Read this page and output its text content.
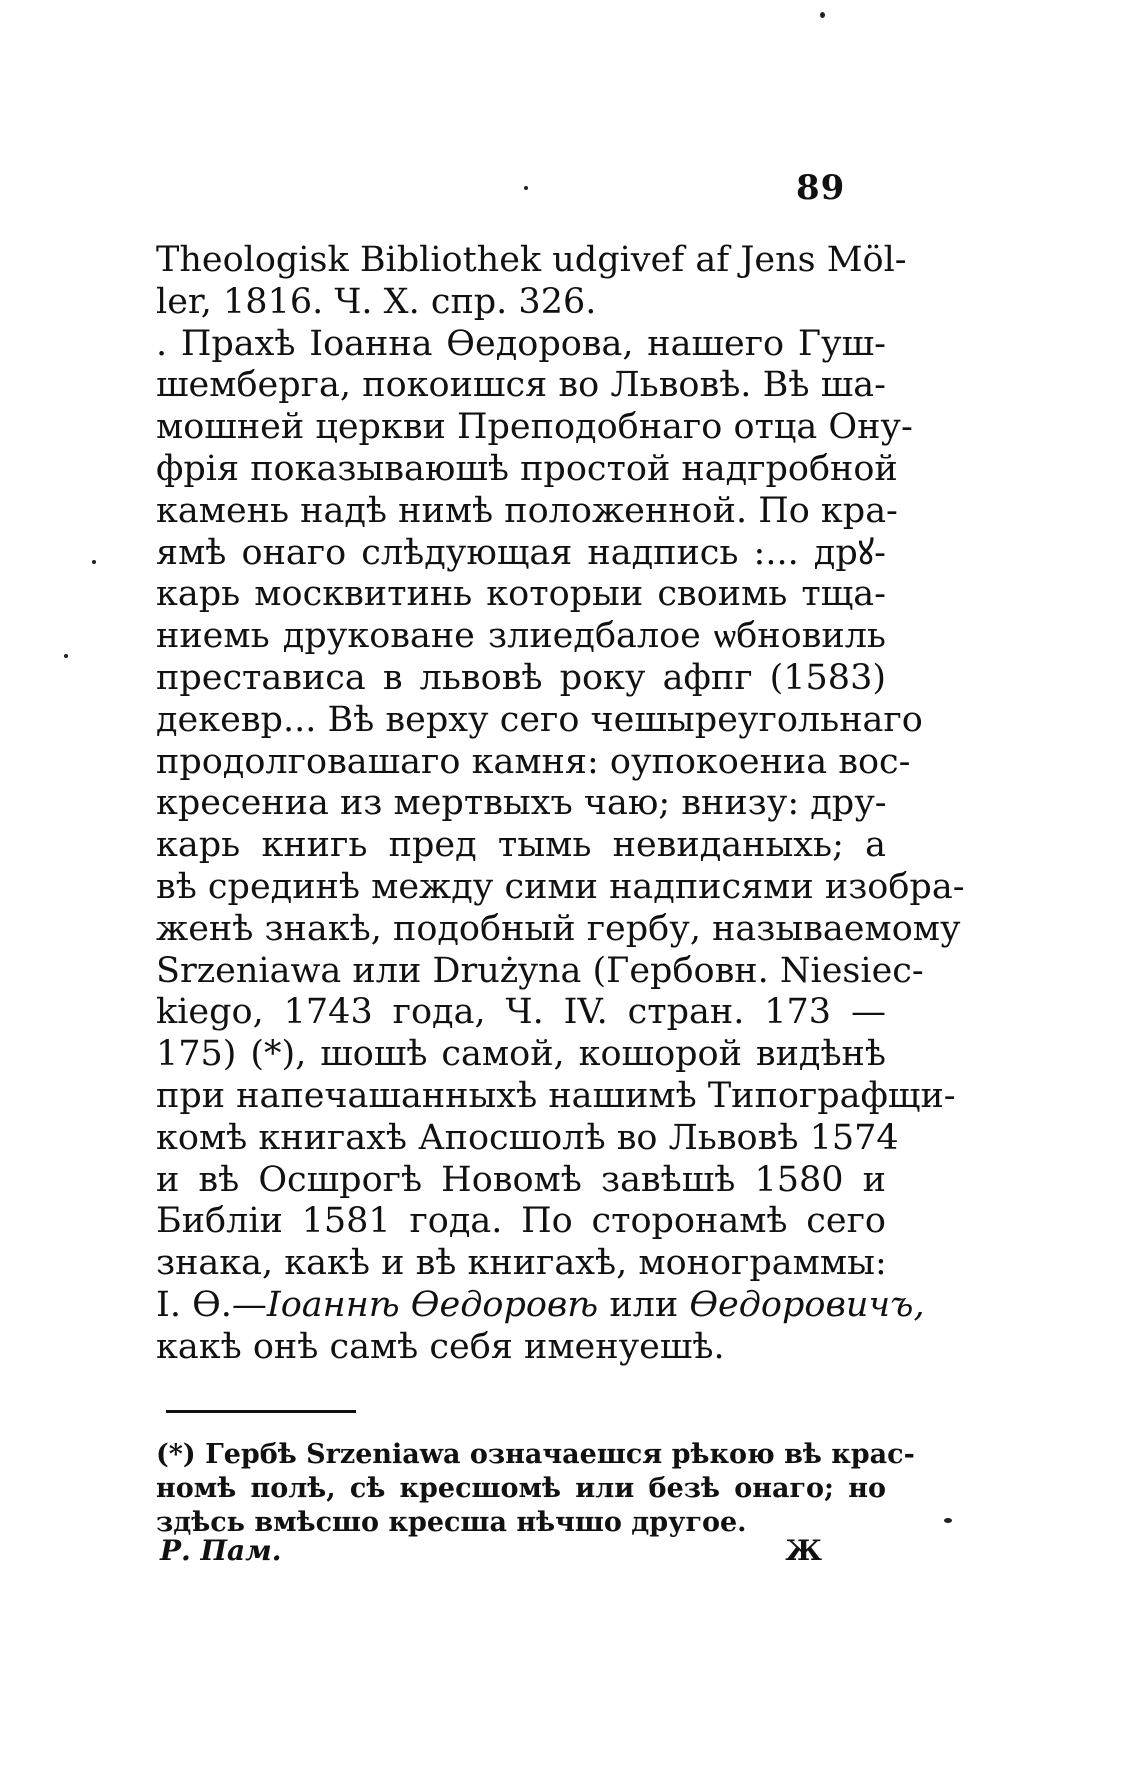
89
Theologisk Bibliothek udgivef af Jens Möl-
ler, 1816. Ч. X. спр. 326.
. Прахѣ Іоанна Өедорова, нашего Гуш-
шемберга, покоишся во Львовѣ. Вѣ ша-
мошней церкви Преподобнаго отца Ону-
фрія показываюшѣ простой надгробной
камень надѣ нимѣ положенной. По кра-
ямѣ онаго слѣдующая надпись :... дрꙋ-
карь москвитинь которыи своимь тща-
ниемь друковане злиедбалое ѡбновиль
престависа в львовѣ року афпг (1583)
декевр... Вѣ верху сего чешыреугольнаго
продолговашаго камня: оупокоениа вос-
кресениа из мертвыхъ чаю; внизу: дру-
карь книгь пред тымь невиданыхь; а
вѣ срединѣ между сими надписями изобра-
женѣ знакѣ, подобный гербу, называемому
Srzeniawa или Drużyna (Гербовн. Niesiec-
kiego, 1743 года, Ч. IV. стран. 173 —
175) (*), шошѣ самой, кошорой видѣнѣ
при напечашанныхѣ нашимѣ Типографщи-
комѣ книгахѣ Апосшолѣ во Львовѣ 1574
и вѣ Осшрогѣ Новомѣ завѣшѣ 1580 и
Библіи 1581 года. По сторонамѣ сего
знака, какѣ и вѣ книгахѣ, монограммы:
І. Ѳ.—Іоаннѣ Ѳедоровѣ или Ѳедоровичъ,
какѣ онѣ самѣ себя именуешѣ.
(*) Гербѣ Srzeniawa означаешся рѣкою вѣ крас-
номѣ полѣ, сѣ кресшомѣ или безѣ онаго; но
здѣсь вмѣсшо кресша нѣчшо другое.
Р. Пам.	Ж
